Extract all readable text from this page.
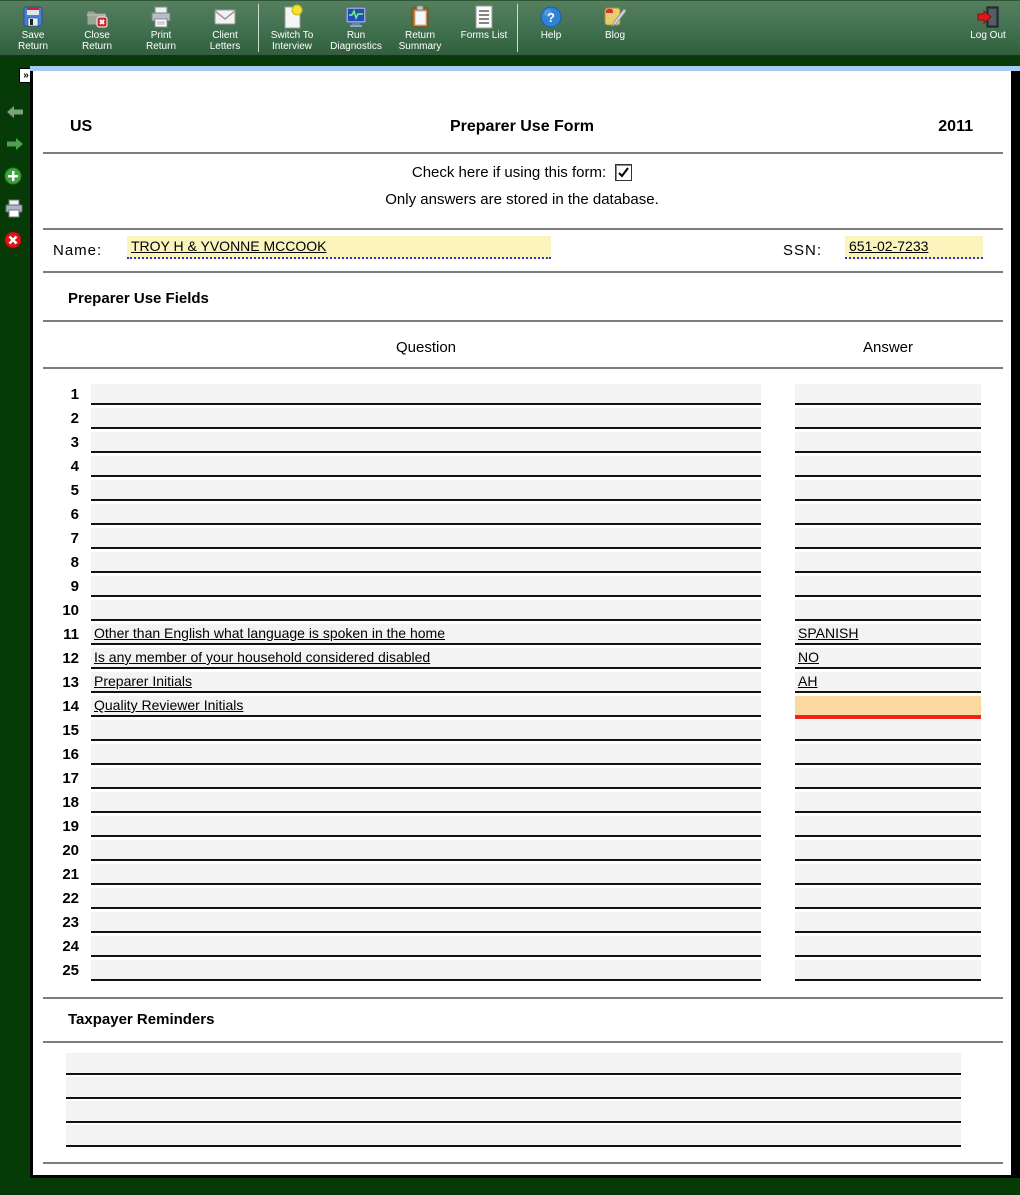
Save
Return
Close
Return
Print
Return
Client
Letters
Switch To
Interview
Run
Diagnostics
Return
Summary
Forms List
?
Help	Blog	Log Out
»
US	Preparer Use Form	2011
Check here if using this form:
Only answers are stored in the database.
Name: TROY H & YVONNE MCCOOK	SSN: 651-02-7233
Preparer Use Fields
Question	Answer
1
2
3
4
5
6
7
8
9
10
11 Other than English what language is spoken in the home	SPANISH
12 Is any member of your household considered disabled	NO
13 Preparer Initials	AH
14 Quality Reviewer Initials
15
16
17
18
19
20
21
22
23
24
25
Taxpayer Reminders
